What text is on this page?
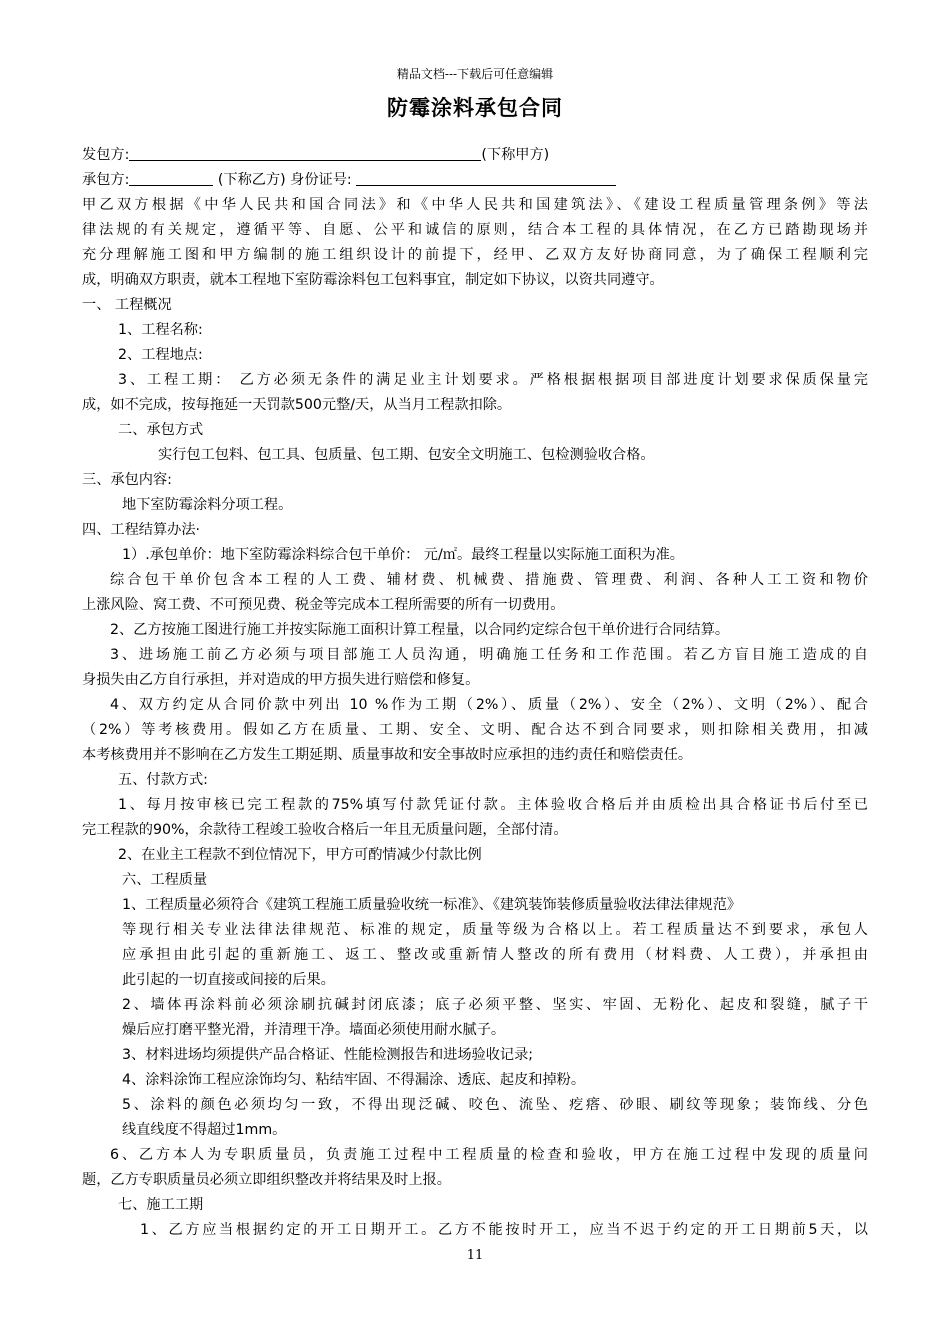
精品文档---下载后可任意编辑
防霉涂料承包合同
发包方:	(下称甲方)
承包方:	(下称乙方) 身份证号:
甲乙双方根据《中华人民共和国合同法》和《中华人民共和国建筑法》、《建设工程质量管理条例》等法
律法规的有关规定，遵循平等、自愿、公平和诚信的原则，结合本工程的具体情况，在乙方已踏勘现场并
充分理解施工图和甲方编制的施工组织设计的前提下，经甲、乙双方友好协商同意，为了确保工程顺利完
成，明确双方职责，就本工程地下室防霉涂料包工包料事宜，制定如下协议，以资共同遵守。
一、 工程概况
1、工程名称:
2、工程地点:
3、工程工期： 乙方必须无条件的满足业主计划要求。严格根据根据项目部进度计划要求保质保量完
成，如不完成，按每拖延一天罚款500元整/天，从当月工程款扣除。
二、承包方式
实行包工包料、包工具、包质量、包工期、包安全文明施工、包检测验收合格。
三、承包内容:
地下室防霉涂料分项工程。
四、工程结算办法·
1）.承包单价：地下室防霉涂料综合包干单价： 元/㎡。最终工程量以实际施工面积为准。
综合包干单价包含本工程的人工费、辅材费、机械费、措施费、管理费、利润、各种人工工资和物价
上涨风险、窝工费、不可预见费、税金等完成本工程所需要的所有一切费用。
2、乙方按施工图进行施工并按实际施工面积计算工程量，以合同约定综合包干单价进行合同结算。
3、进场施工前乙方必须与项目部施工人员沟通，明确施工任务和工作范围。若乙方盲目施工造成的自
身损失由乙方自行承担，并对造成的甲方损失进行赔偿和修复。
4、双方约定从合同价款中列出 10 %作为工期（2%）、质量（2%）、安全（2%）、文明（2%）、配合
（2%）等考核费用。假如乙方在质量、工期、安全、文明、配合达不到合同要求，则扣除相关费用，扣减
本考核费用并不影响在乙方发生工期延期、质量事故和安全事故时应承担的违约责任和赔偿责任。
五、付款方式:
1、每月按审核已完工程款的75%填写付款凭证付款。主体验收合格后并由质检出具合格证书后付至已
完工程款的90%，余款待工程竣工验收合格后一年且无质量问题，全部付清。
2、在业主工程款不到位情况下，甲方可酌情减少付款比例
六、工程质量
1、工程质量必须符合《建筑工程施工质量验收统一标准》、《建筑装饰装修质量验收法律法律规范》
等现行相关专业法律法律规范、标准的规定，质量等级为合格以上。若工程质量达不到要求，承包人
应承担由此引起的重新施工、返工、整改或重新情人整改的所有费用（材料费、人工费），并承担由
此引起的一切直接或间接的后果。
2、墙体再涂料前必须涂刷抗碱封闭底漆；底子必须平整、坚实、牢固、无粉化、起皮和裂缝，腻子干
燥后应打磨平整光滑，并清理干净。墙面必须使用耐水腻子。
3、材料进场均须提供产品合格证、性能检测报告和进场验收记录;
4、涂料涂饰工程应涂饰均匀、粘结牢固、不得漏涂、透底、起皮和掉粉。
5、涂料的颜色必须均匀一致，不得出现泛碱、咬色、流坠、疙瘩、砂眼、刷纹等现象；装饰线、分色
线直线度不得超过1mm。
6、乙方本人为专职质量员，负责施工过程中工程质量的检查和验收，甲方在施工过程中发现的质量问
题，乙方专职质量员必须立即组织整改并将结果及时上报。
七、施工工期
1、乙方应当根据约定的开工日期开工。乙方不能按时开工，应当不迟于约定的开工日期前5天，以
11
